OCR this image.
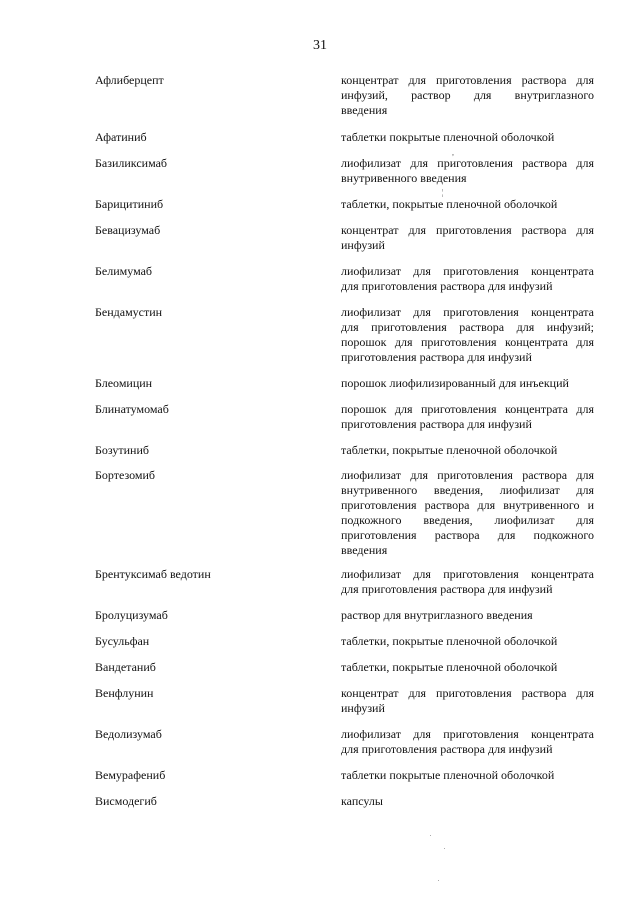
31
Афлиберцепт	концентрат для приготовления раствора для
инфузий, раствор для внутриглазного
введения
Афатиниб	таблетки покрытые пленочной оболочкой
Базиликсимаб	лиофилизат для приготовления раствора для
внутривенного введения
Барицитиниб	таблетки, покрытые пленочной оболочкой
Бевацизумаб	концентрат для приготовления раствора для
инфузий
Белимумаб	лиофилизат для приготовления концентрата
для приготовления раствора для инфузий
Бендамустин	лиофилизат для приготовления концентрата
для приготовления раствора для инфузий;
порошок для приготовления концентрата для
приготовления раствора для инфузий
Блеомицин	порошок лиофилизированный для инъекций
Блинатумомаб	порошок для приготовления концентрата для
приготовления раствора для инфузий
Бозутиниб	таблетки, покрытые пленочной оболочкой
Бортезомиб	лиофилизат для приготовления раствора для
внутривенного введения, лиофилизат для
приготовления раствора для внутривенного и
подкожного введения, лиофилизат для
приготовления раствора для подкожного
введения
Брентуксимаб ведотин	лиофилизат для приготовления концентрата
для приготовления раствора для инфузий
Бролуцизумаб	раствор для внутриглазного введения
Бусульфан	таблетки, покрытые пленочной оболочкой
Вандетаниб	таблетки, покрытые пленочной оболочкой
Венфлунин	концентрат для приготовления раствора для
инфузий
Ведолизумаб	лиофилизат для приготовления концентрата
для приготовления раствора для инфузий
Вемурафениб	таблетки покрытые пленочной оболочкой
Висмодегиб	капсулы
,
¦
ˈ
